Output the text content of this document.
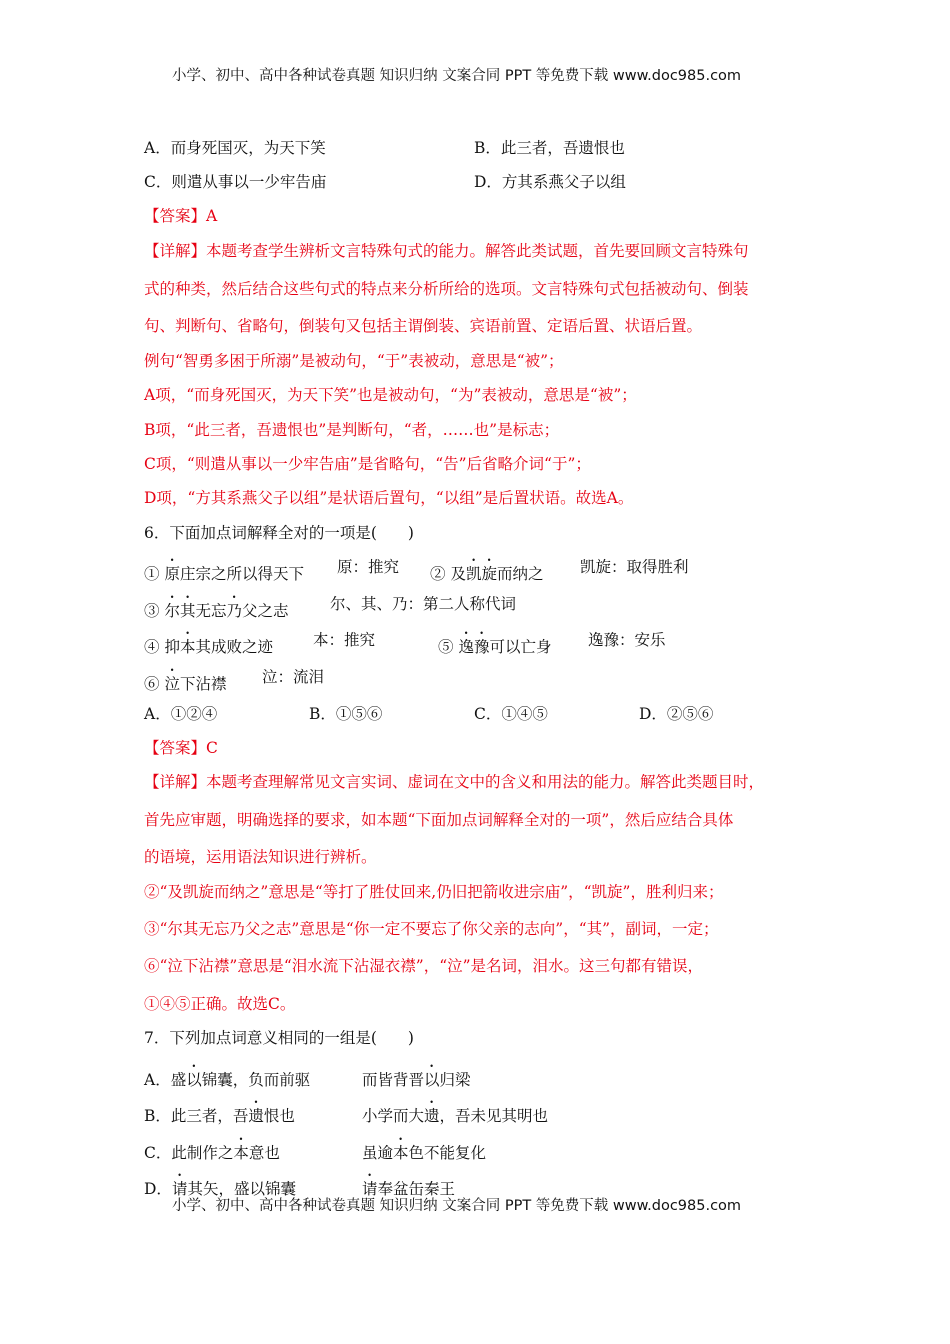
小学、初中、高中各种试卷真题 知识归纳 文案合同 PPT 等免费下载 www.doc985.com
A．而身死国灭，为天下笑	B．此三者，吾遗恨也
C．则遣从事以一少牢告庙	D．方其系燕父子以组
【答案】A
【详解】本题考查学生辨析文言特殊句式的能力。解答此类试题，首先要回顾文言特殊句
式的种类，然后结合这些句式的特点来分析所给的选项。文言特殊句式包括被动句、倒装
句、判断句、省略句，倒装句又包括主谓倒装、宾语前置、定语后置、状语后置。
例句“智勇多困于所溺”是被动句，“于”表被动，意思是“被”；
A项，“而身死国灭，为天下笑”也是被动句，“为”表被动，意思是“被”；
B项，“此三者，吾遗恨也”是判断句，“者，……也”是标志；
C项，“则遣从事以一少牢告庙”是省略句，“告”后省略介词“于”；
D项，“方其系燕父子以组”是状语后置句，“以组”是后置状语。故选A。
6．下面加点词解释全对的一项是(　　)
① 原庄宗之所以得天下 原：推究 ② 及凯旋而纳之 凯旋：取得胜利
③ 尔其无忘乃父之志	尔、其、乃：第二人称代词
④ 抑本其成败之迹	本：推究	⑤ 逸豫可以亡身 逸豫：安乐
⑥ 泣下沾襟 泣：流泪
A．①②④	B．①⑤⑥	C．①④⑤	D．②⑤⑥
【答案】C
【详解】本题考查理解常见文言实词、虚词在文中的含义和用法的能力。解答此类题目时，
首先应审题，明确选择的要求，如本题“下面加点词解释全对的一项”，然后应结合具体
的语境，运用语法知识进行辨析。
②“及凯旋而纳之”意思是“等打了胜仗回来,仍旧把箭收进宗庙”，“凯旋”，胜利归来；
③“尔其无忘乃父之志”意思是“你一定不要忘了你父亲的志向”，“其”，副词，一定；
⑥“泣下沾襟”意思是“泪水流下沾湿衣襟”，“泣”是名词，泪水。这三句都有错误，
①④⑤正确。故选C。
7．下列加点词意义相同的一组是(　　)
A．盛以锦囊，负而前驱	而皆背晋以归梁
B．此三者，吾遗恨也	小学而大遗，吾未见其明也
C．此制作之本意也	虽逾本色不能复化
D．请其矢，盛以锦囊	请奉盆缶秦王
小学、初中、高中各种试卷真题 知识归纳 文案合同 PPT 等免费下载 www.doc985.com
